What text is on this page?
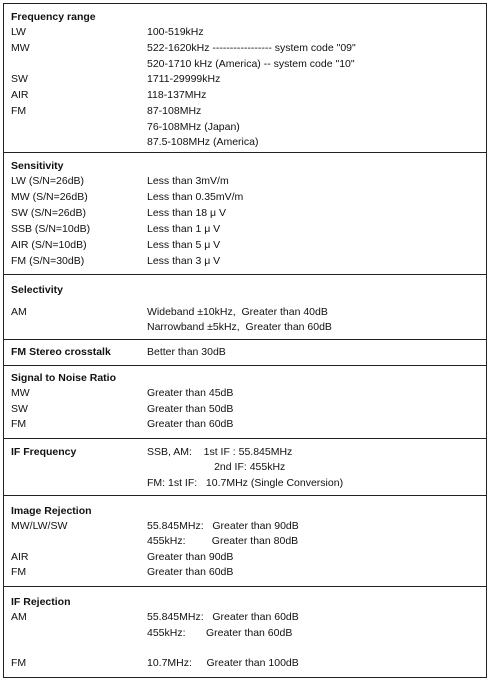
Frequency range
LW	100-519kHz
MW	522-1620kHz ----------------- system code "09"
520-1710 kHz (America) -- system code "10"
SW	1711-29999kHz
AIR	118-137MHz
FM	87-108MHz
76-108MHz (Japan)
87.5-108MHz (America)
Sensitivity
LW (S/N=26dB)	Less than 3mV/m
MW (S/N=26dB)	Less than 0.35mV/m
SW (S/N=26dB)	Less than 18 μ V
SSB (S/N=10dB)	Less than 1 μ V
AIR (S/N=10dB)	Less than 5 μ V
FM (S/N=30dB)	Less than 3 μ V
Selectivity
AM	Wideband ±10kHz,  Greater than 40dB
Narrowband ±5kHz,  Greater than 60dB
FM Stereo crosstalk	Better than 30dB
Signal to Noise Ratio
MW	Greater than 45dB
SW	Greater than 50dB
FM	Greater than 60dB
IF Frequency	SSB, AM:    1st IF : 55.845MHz
2nd IF: 455kHz
FM: 1st IF:   10.7MHz (Single Conversion)
Image Rejection
MW/LW/SW	55.845MHz:   Greater than 90dB
455kHz:         Greater than 80dB
AIR	Greater than 90dB
FM	Greater than 60dB
IF Rejection
AM	55.845MHz:   Greater than 60dB
455kHz:       Greater than 60dB
FM	10.7MHz:     Greater than 100dB
